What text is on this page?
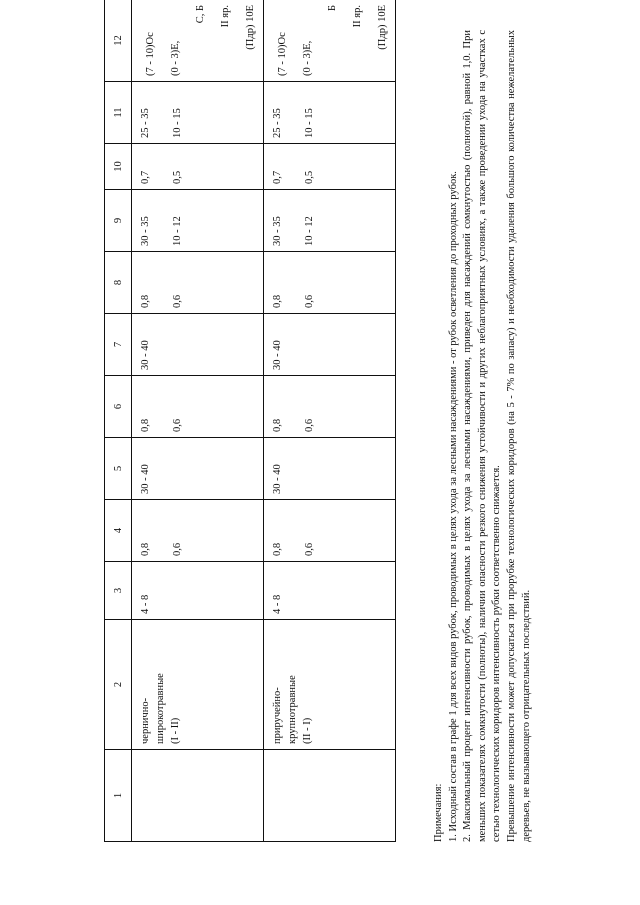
1	2	3	4	5	6	7	8	9	10	11	12

	чернично- широкотравные (I - II)	4 - 8	0,8 0,6	30 - 40	0,8 0,6	30 - 40	0,8 0,6	30 - 35 10 - 12	0,7 0,5	25 - 35 10 - 15	(7 - 10)Ос (0 - 3)Е,
С, Б II яр. (Пдр) 10Е

	приручейно- крупнотравные (II - I)	4 - 8	0,8 0,6	30 - 40	0,8 0,6	30 - 40	0,8 0,6	30 - 35 10 - 12	0,7 0,5	25 - 35 10 - 15	(7 - 10)Ос (0 - 3)Е,
Б II яр. (Пдр) 10Е

Примечания: 1. Исходный состав в графе 1 для всех видов рубок, проводимых в целях ухода за лесными насаждениями - от рубок осветления до проходных рубок. 2. Максимальный процент интенсивности рубок, проводимых в целях ухода за лесными насаждениями, приведен для насаждений сомкнутостью (полнотой), равной 1,0. При меньших показателях сомкнутости (полноты), наличии опасности резкого снижения устойчивости и других неблагоприятных условиях, а также проведении ухода на участках с сетью технологических коридоров интенсивность рубки соответственно снижается. Превышение интенсивности может допускаться при прорубке технологических коридоров (на 5 - 7% по запасу) и необходимости удаления большого количества нежелательных деревьев, не вызывающего отрицательных последствий.
